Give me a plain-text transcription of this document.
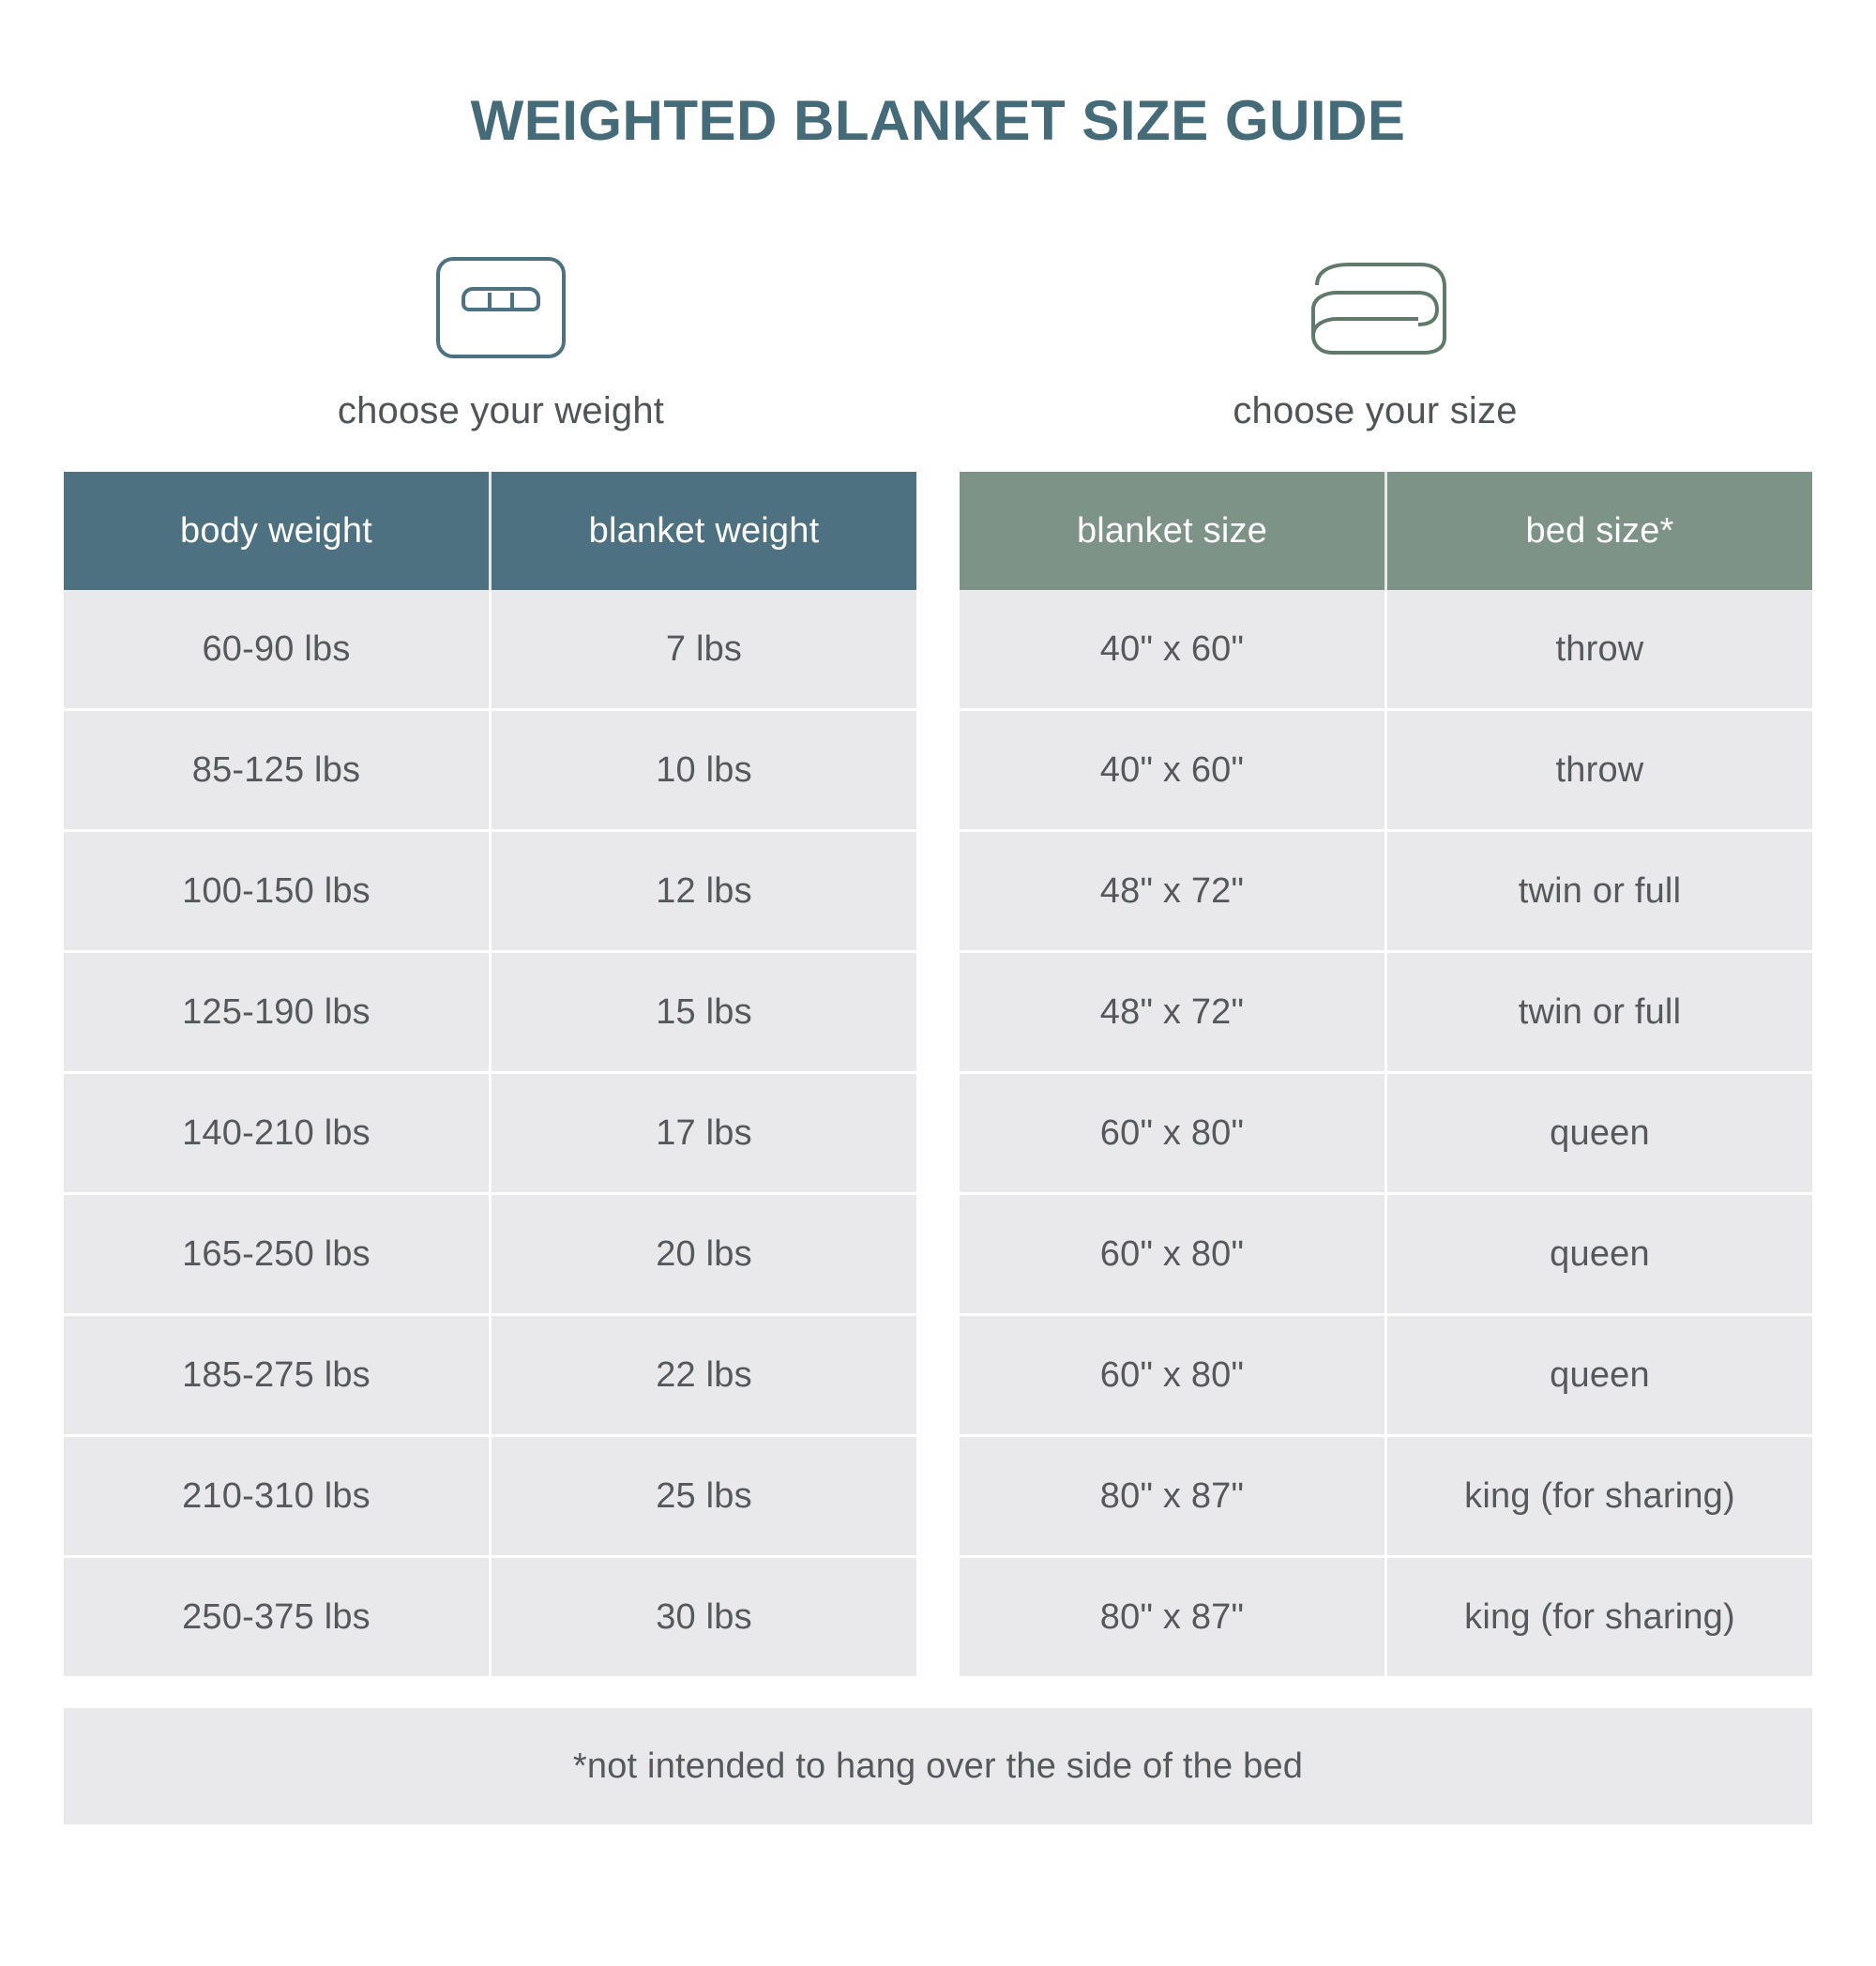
WEIGHTED BLANKET SIZE GUIDE
choose your weight	choose your size
body weight	blanket weight
60-90 lbs	7 lbs
85-125 lbs	10 lbs
100-150 lbs	12 lbs
125-190 lbs	15 lbs
140-210 lbs	17 lbs
165-250 lbs	20 lbs
185-275 lbs	22 lbs
210-310 lbs	25 lbs
250-375 lbs	30 lbs
blanket size	bed size*
40" x 60"	throw
40" x 60"	throw
48" x 72"	twin or full
48" x 72"	twin or full
60" x 80"	queen
60" x 80"	queen
60" x 80"	queen
80" x 87"	king (for sharing)
80" x 87"	king (for sharing)
*not intended to hang over the side of the bed
